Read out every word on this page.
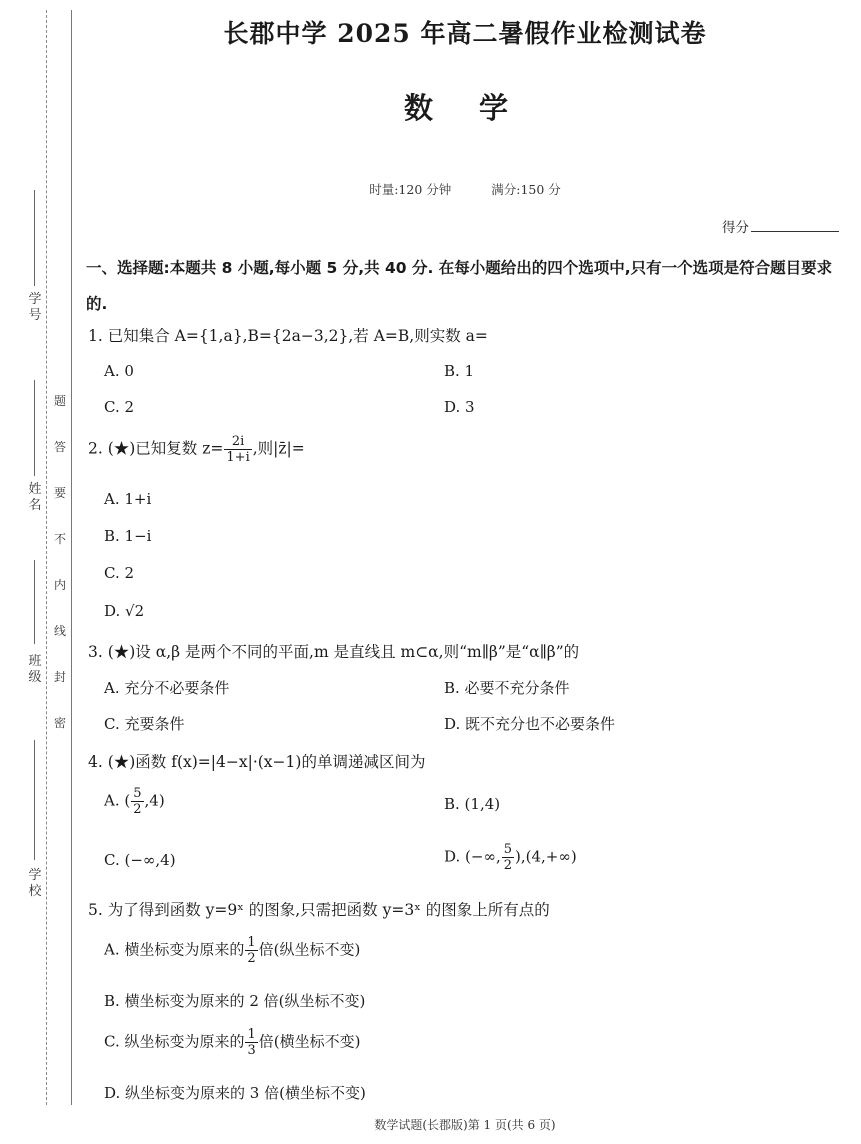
学 号
姓 名
班 级
学 校
题
答
要
不
内
线
封
密
长郡中学 2025 年高二暑假作业检测试卷
数 学
时量:120 分钟	满分:150 分
得分
一、选择题:本题共 8 小题,每小题 5 分,共 40 分. 在每小题给出的四个选项中,只有一个选项是符合题目要求的.
1. 已知集合 A={1,a},B={2a−3,2},若 A=B,则实数 a=
A. 0	B. 1
C. 2	D. 3
2. (★)已知复数 $z= \frac{2i}{1+i}$ ,则|z̄|=
A. 1+i
B. 1−i
C. 2
D. √2
3. (★)设 α,β 是两个不同的平面,m 是直线且 m⊂α,则“m∥β”是“α∥β”的
A. 充分不必要条件	B. 必要不充分条件
C. 充要条件	D. 既不充分也不必要条件
4. (★)函数 f(x)=|4−x|·(x−1)的单调递减区间为
A. ( $\frac{5}{2} ,4$)	B. (1,4)
C. (−∞,4)	D. (−∞, $\frac{5}{2} ),(4,+\infty)$
5. 为了得到函数 y=9ˣ 的图象,只需把函数 y=3ˣ 的图象上所有点的
A. 横坐标变为原来的 $\frac{1}{2}$ 倍(纵坐标不变)
B. 横坐标变为原来的 2 倍(纵坐标不变)
C. 纵坐标变为原来的 $\frac{1}{3}$ 倍(横坐标不变)
D. 纵坐标变为原来的 3 倍(横坐标不变)
数学试题(长郡版)第 1 页(共 6 页)
